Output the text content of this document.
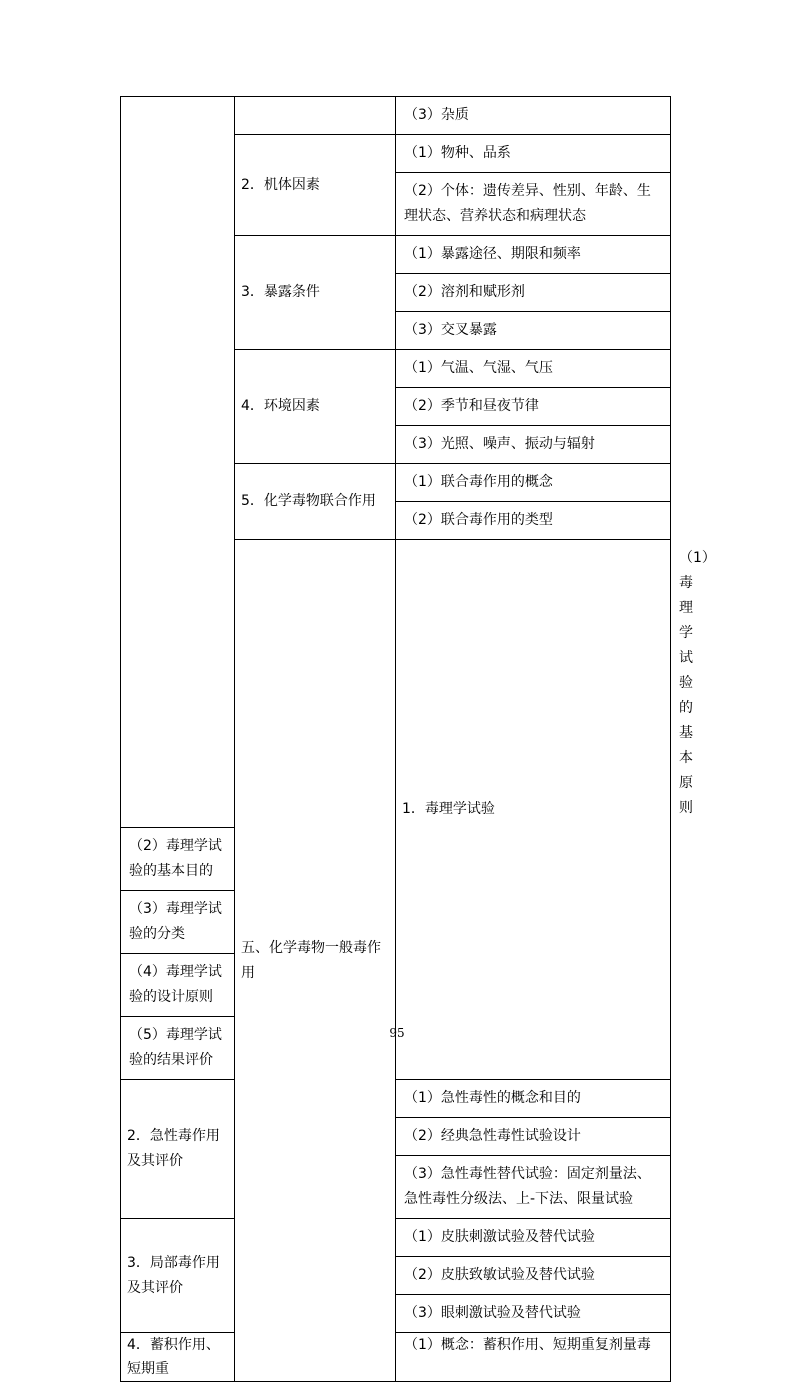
		（3）杂质	
	2．机体因素	（1）物种、品系	
		（2）个体：遗传差异、性别、年龄、生理状态、营养状态和病理状态	
	3．暴露条件	（1）暴露途径、期限和频率	
		（2）溶剂和赋形剂	
		（3）交叉暴露	
	4．环境因素	（1）气温、气湿、气压	
		（2）季节和昼夜节律	
		（3）光照、噪声、振动与辐射	
	5．化学毒物联合作用	（1）联合毒作用的概念	
		（2）联合毒作用的类型	
	五、化学毒物一般毒作用	1．毒理学试验	（1）毒理学试验的基本原则
（2）毒理学试验的基本目的			
（3）毒理学试验的分类			
（4）毒理学试验的设计原则			
（5）毒理学试验的结果评价			
2．急性毒作用及其评价		（1）急性毒性的概念和目的	
		（2）经典急性毒性试验设计	
		（3）急性毒性替代试验：固定剂量法、急性毒性分级法、上-下法、限量试验	
3．局部毒作用及其评价		（1）皮肤刺激试验及替代试验	
		（2）皮肤致敏试验及替代试验	
		（3）眼刺激试验及替代试验	
4．蓄积作用、短期重		（1）概念：蓄积作用、短期重复剂量毒	
95
